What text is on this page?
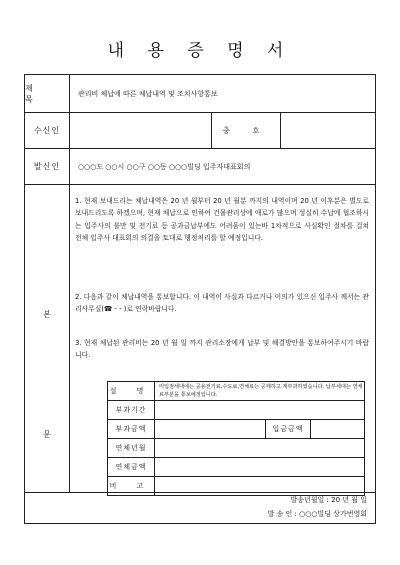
내 용 증 명 서
제 목
관리비 체납에 따른 체납내역 및 조치사항통보
수신인	충 호
발신인	○○○도 ○○시 ○○구 ○○동 ○○○빌딩 입주자대표회의
본
문
1. 현재 보내드리는 체납내역은 20 년 월부터 20 년 월분 까지의 내역이며 20 년 이후분은 별도로 보내드리도록 하겠으며, 현재 체납으로 인하여 건물관리상에 애로가 많으며 성실히 수납에 협조하시는 입주사의 불만 및 전기료 등 공과금납부에도 어려움이 있는바 1차적으로 사실확인 절차를 걸쳐 전체 입주사 대표회의 의결을 토대로 행정처리를 할 예정입니다.
2. 다음과 같이 체납내역을 통보합니다. 이 내역이 사실과 다르거나 이의가 있으신 입주사 께서는 관리사무실(☎ - - )로 연락바랍니다.
3. 현재 체납된 관리비는 20 년 월 일 까지 관리소장에게 납부 및 해결방안을 통보하여주시기 바랍니다.
설 명	미입점세대에는 공용전기료,수도료,연체료는 공제하고 계부과하였습니다. 납부세대는 연체료부분을 통보예정입니다.		
부과기간			
부과금액		입금금액	
연체년월			
연체금액			
비 고			
발송년월일 : 20 년 월 일
발 송 인 : ○○○빌딩 상가번영회
